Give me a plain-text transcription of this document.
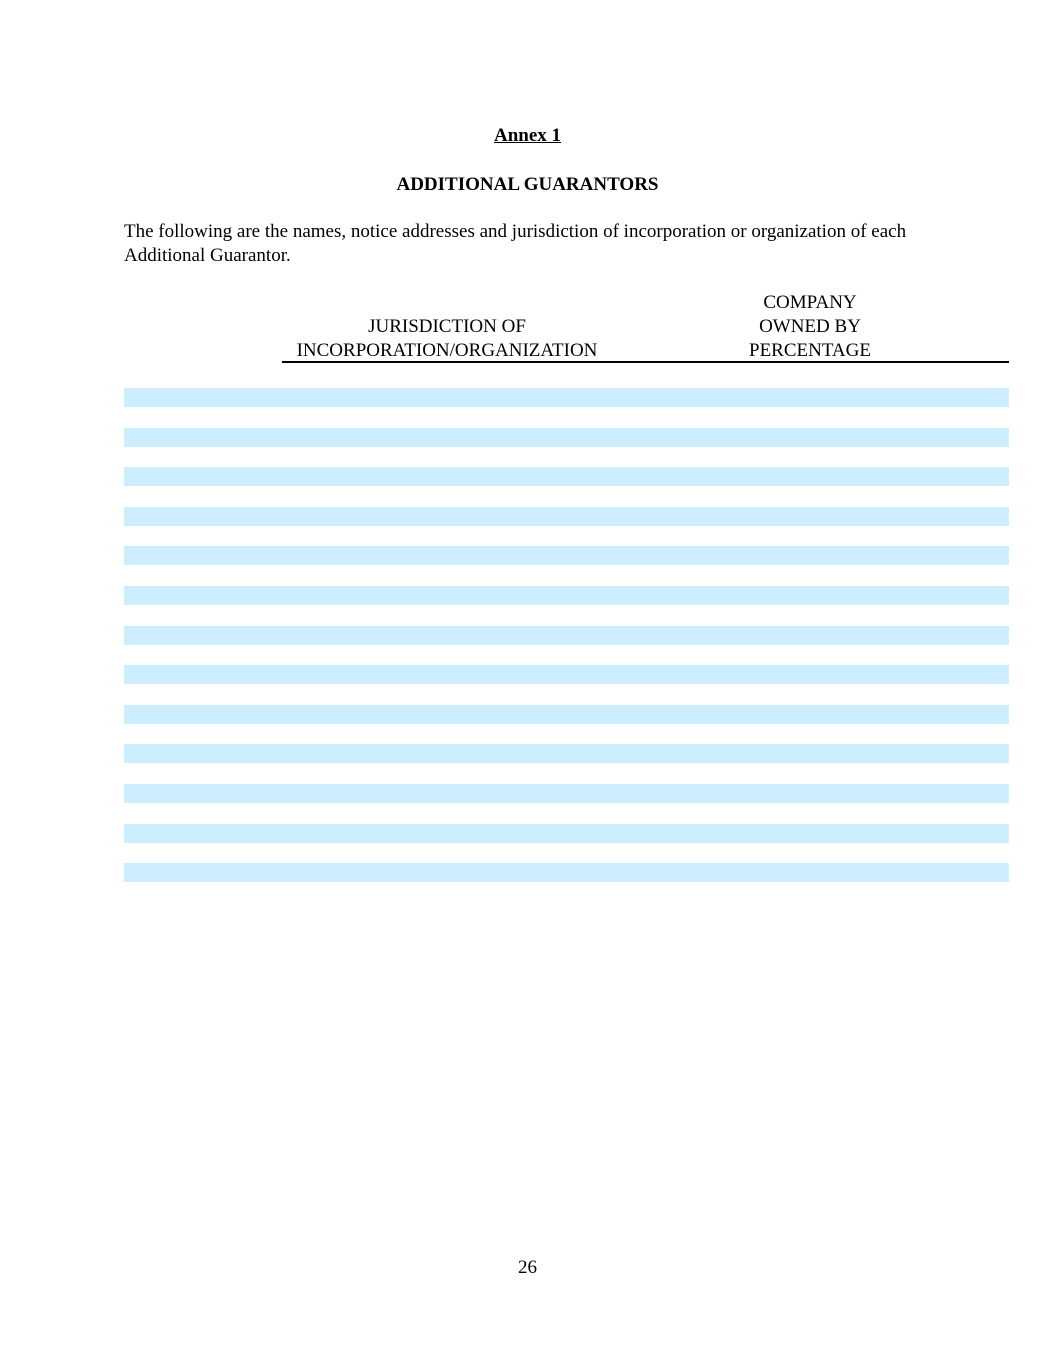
Annex 1
ADDITIONAL GUARANTORS
The following are the names, notice addresses and jurisdiction of incorporation or organization of each Additional Guarantor.
JURISDICTION OF
INCORPORATION/ORGANIZATION
COMPANY
OWNED BY
PERCENTAGE
26
